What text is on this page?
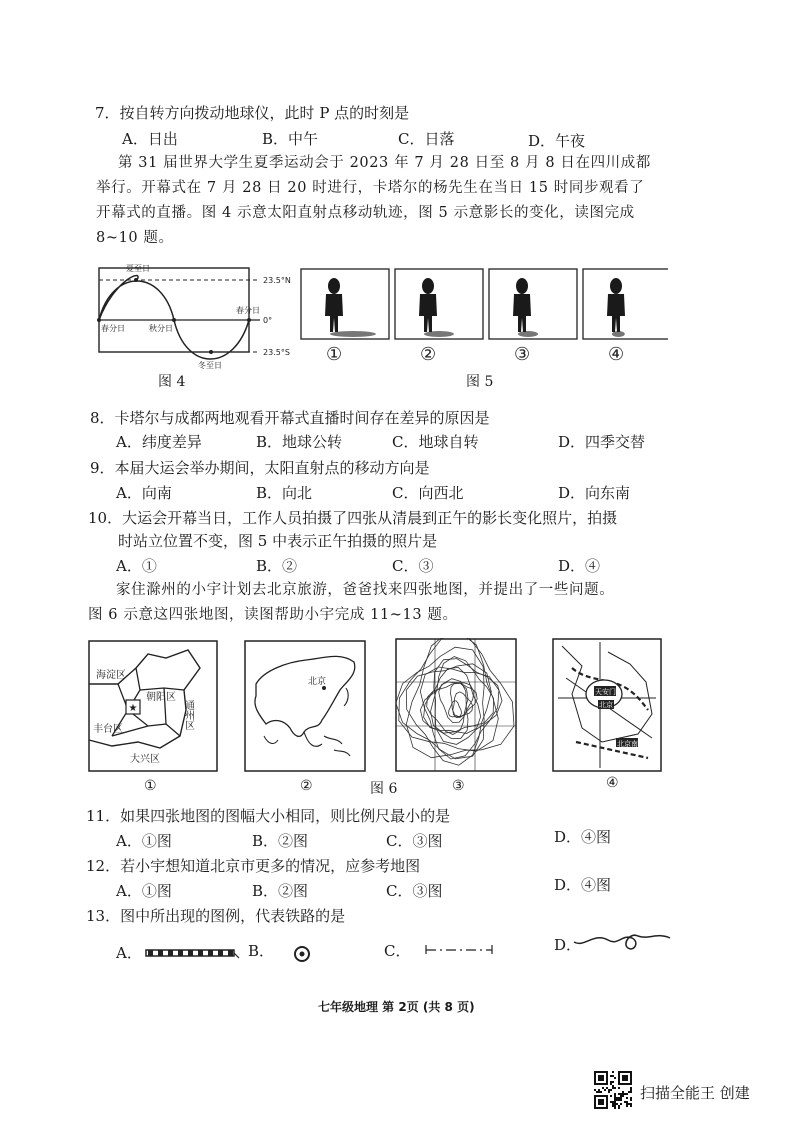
7．按自转方向拨动地球仪，此时 P 点的时刻是
A．日出	B．中午	C．日落	D．午夜
第 31 届世界大学生夏季运动会于 2023 年 7 月 28 日至 8 月 8 日在四川成都
举行。开幕式在 7 月 28 日 20 时进行，卡塔尔的杨先生在当日 15 时同步观看了
开幕式的直播。图 4 示意太阳直射点移动轨迹，图 5 示意影长的变化，读图完成
8~10 题。
夏至日
春分日	秋分日
春分日
冬至日
23.5°N
0°
23.5°S
图 4
①	②	③	④
图 5
8．卡塔尔与成都两地观看开幕式直播时间存在差异的原因是
A．纬度差异	B．地球公转	C．地球自转	D．四季交替
9．本届大运会举办期间，太阳直射点的移动方向是
A．向南	B．向北	C．向西北	D．向东南
10．大运会开幕当日，工作人员拍摄了四张从清晨到正午的影长变化照片，拍摄
时站立位置不变，图 5 中表示正午拍摄的照片是
A．①	B．②	C．③	D．④
家住滁州的小宇计划去北京旅游，爸爸找来四张地图，并提出了一些问题。
图 6 示意这四张地图，读图帮助小宇完成 11~13 题。
★
海淀区
朝阳区
通州区
丰台区
大兴区
北京
天安门
北京
北京南
①	②	图 6	③	④
11．如果四张地图的图幅大小相同，则比例尺最小的是
A．①图	B．②图	C．③图	D．④图
12．若小宇想知道北京市更多的情况，应参考地图
A．①图	B．②图	C．③图	D．④图
13．图中所出现的图例，代表铁路的是
A．	B．	C．	D．
七年级地理 第 2页 (共 8 页)
扫描全能王 创建
